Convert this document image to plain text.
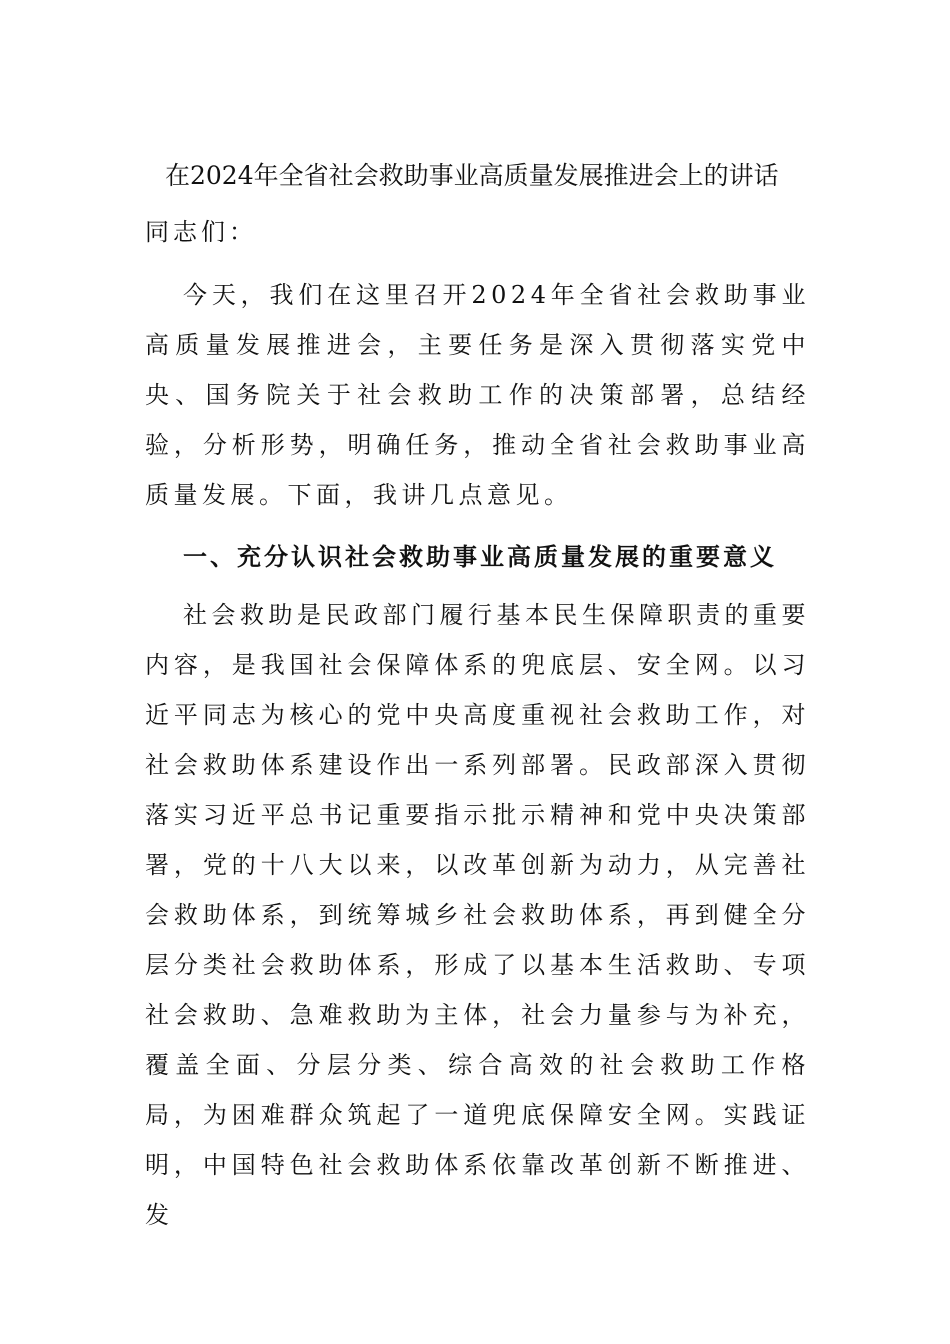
在2024年全省社会救助事业高质量发展推进会上的讲话

同志们：

今天，我们在这里召开2024年全省社会救助事业高质量发展推进会，主要任务是深入贯彻落实党中央、国务院关于社会救助工作的决策部署，总结经验，分析形势，明确任务，推动全省社会救助事业高质量发展。下面，我讲几点意见。

一、充分认识社会救助事业高质量发展的重要意义

社会救助是民政部门履行基本民生保障职责的重要内容，是我国社会保障体系的兜底层、安全网。以习近平同志为核心的党中央高度重视社会救助工作，对社会救助体系建设作出一系列部署。民政部深入贯彻落实习近平总书记重要指示批示精神和党中央决策部署，党的十八大以来，以改革创新为动力，从完善社会救助体系，到统筹城乡社会救助体系，再到健全分层分类社会救助体系，形成了以基本生活救助、专项社会救助、急难救助为主体，社会力量参与为补充，覆盖全面、分层分类、综合高效的社会救助工作格局，为困难群众筑起了一道兜底保障安全网。实践证明，中国特色社会救助体系依靠改革创新不断推进、发
